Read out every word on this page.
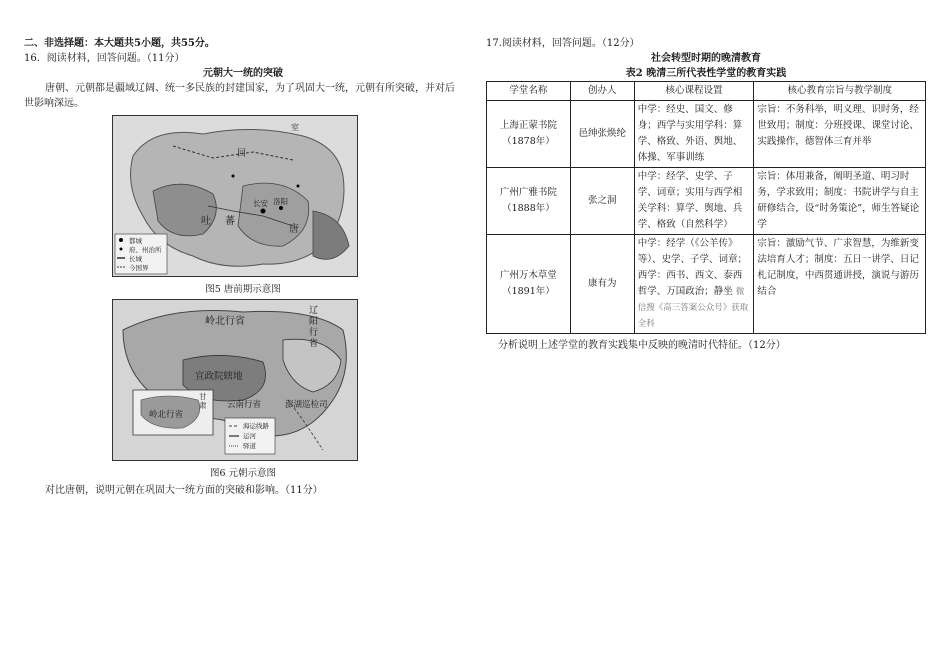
二、非选择题：本大题共5小题，共55分。
16．阅读材料，回答问题。（11分）
元朝大一统的突破
唐朝、元朝都是疆域辽阔、统一多民族的封建国家，为了巩固大一统，元朝有所突破，并对后世影响深远。
回
吐 蕃
唐
长安 洛阳
室
都城
府、州治所
长城
今国界
图5 唐前期示意图
岭北行省
辽阳行省
宣政院辖地
云南行省	澎湖巡检司
岭北行省
甘肃
海运线路
运河
驿道
图6 元朝示意图
对比唐朝，说明元朝在巩固大一统方面的突破和影响。（11分）
17.阅读材料，回答问题。（12分）
社会转型时期的晚清教育
表2 晚清三所代表性学堂的教育实践
学堂名称	创办人	核心课程设置	核心教育宗旨与教学制度

上海正蒙书院
（1878年）	邑绅张焕纶	中学：经史、国文、修身；西学与实用学科：算学、格致、外语、舆地、体操、军事训练	宗旨：不务科举，明义理、识时务，经世致用；制度：分班授课、课堂讨论、实践操作，德智体三育并举

广州广雅书院
（1888年）	张之洞	中学：经学、史学、子学、词章；实用与西学相关学科：算学、舆地、兵学、格致（自然科学）	宗旨：体用兼备，阐明圣道、明习时务，学求致用；制度：书院讲学与自主研修结合，设“时务策论”，师生答疑论学

广州万木草堂
（1891年）	康有为	中学：经学（《公羊传》等）、史学、子学、词章；西学：西书、西文、泰西哲学、万国政治；静坐 微信搜《高三答案公众号》获取全科	宗旨：激励气节、广求智慧，为维新变法培育人才；制度：五日一讲学、日记札记制度，中西贯通讲授，演说与游历结合
分析说明上述学堂的教育实践集中反映的晚清时代特征。（12分）
